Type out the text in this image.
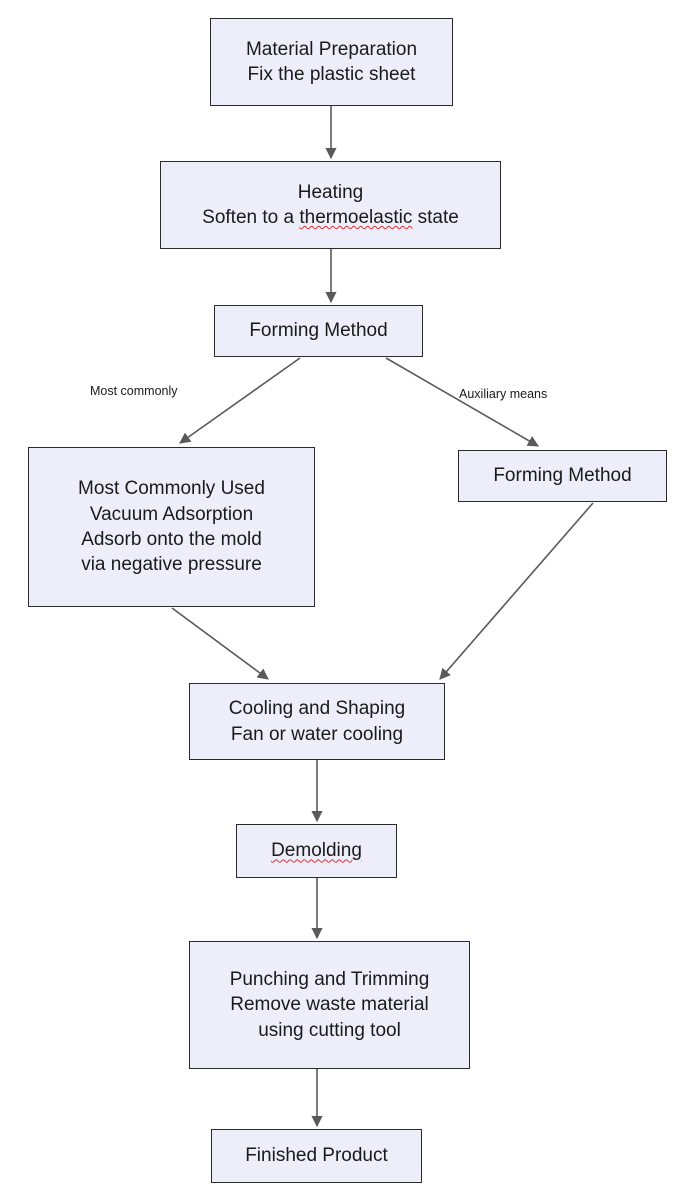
Material Preparation
Fix the plastic sheet
Heating
Soften to a thermoelastic state
Forming Method
Most Commonly Used
Vacuum Adsorption
Adsorb onto the mold
via negative pressure
Forming Method
Cooling and Shaping
Fan or water cooling
Demolding
Punching and Trimming
Remove waste material
using cutting tool
Finished Product
Most commonly	Auxiliary means
